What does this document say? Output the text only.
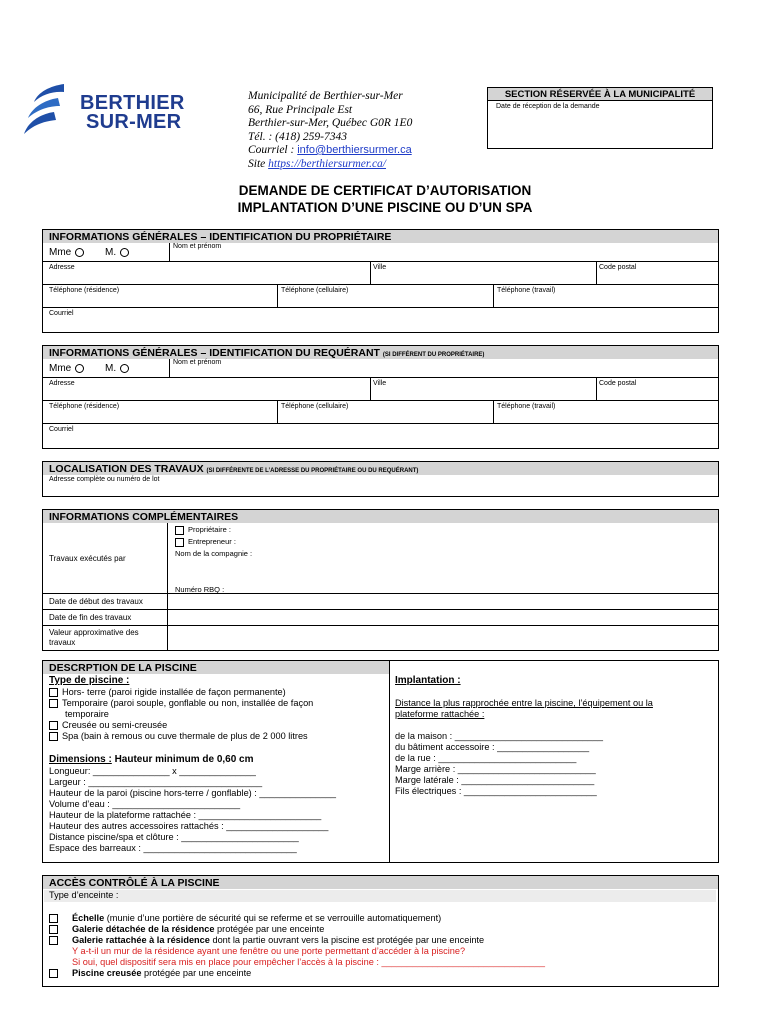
BERTHIER
SUR-MER
Municipalité de Berthier-sur-Mer
66, Rue Principale Est
Berthier-sur-Mer, Québec G0R 1E0
Tél. : (418) 259-7343
Courriel : info@berthiersurmer.ca
Site https://berthiersurmer.ca/
SECTION RÉSERVÉE À LA MUNICIPALITÉ
Date de réception de la demande
DEMANDE DE CERTIFICAT D’AUTORISATION
IMPLANTATION D’UNE PISCINE OU D’UN SPA
INFORMATIONS GÉNÉRALES – IDENTIFICATION DU PROPRIÉTAIRE
Mme	M.
Nom et prénom
Adresse	Ville	Code postal
Téléphone (résidence)	Téléphone (cellulaire)	Téléphone (travail)
Courriel
INFORMATIONS GÉNÉRALES – IDENTIFICATION DU REQUÉRANT (SI DIFFÉRENT DU PROPRIÉTAIRE)
Mme	M.
Nom et prénom
Adresse	Ville	Code postal
Téléphone (résidence)	Téléphone (cellulaire)	Téléphone (travail)
Courriel
LOCALISATION DES TRAVAUX (SI DIFFÉRENTE DE L’ADRESSE DU PROPRIÉTAIRE OU DU REQUÉRANT)
Adresse complète ou numéro de lot
INFORMATIONS COMPLÉMENTAIRES
Travaux exécutés par
Propriétaire :
Entrepreneur :
Nom de la compagnie :
Numéro RBQ :
Date de début des travaux
Date de fin des travaux
Valeur approximative des
travaux
DESCRPTION DE LA PISCINE
Type de piscine :
Hors- terre (paroi rigide installée de façon permanente)
Temporaire (paroi souple, gonflable ou non, installée de façon
temporaire
Creusée ou semi-creusée
Spa (bain à remous ou cuve thermale de plus de 2 000 litres
Dimensions : Hauteur minimum de 0,60 cm
Longueur: _______________ x _______________
Largeur : __________________________________
Hauteur de la paroi (piscine hors-terre / gonflable) : _______________
Volume d’eau : _________________________
Hauteur de la plateforme rattachée : ________________________
Hauteur des autres accessoires rattachés : ____________________
Distance piscine/spa et clôture : _______________________
Espace des barreaux : ______________________________
Implantation :
Distance la plus rapprochée entre la piscine, l’équipement ou la
plateforme rattachée :
de la maison : _____________________________
du bâtiment accessoire : __________________
de la rue : ___________________________
Marge arrière : ___________________________
Marge latérale : __________________________
Fils électriques : __________________________
ACCÈS CONTRÔLÉ À LA PISCINE
Type d’enceinte :
Échelle (munie d’une portière de sécurité qui se referme et se verrouille automatiquement)
Galerie détachée de la résidence protégée par une enceinte
Galerie rattachée à la résidence dont la partie ouvrant vers la piscine est protégée par une enceinte
Y a-t-il un mur de la résidence ayant une fenêtre ou une porte permettant d’accéder à la piscine?
Si oui, quel dispositif sera mis en place pour empêcher l’accès à la piscine : ________________________________
Piscine creusée protégée par une enceinte
